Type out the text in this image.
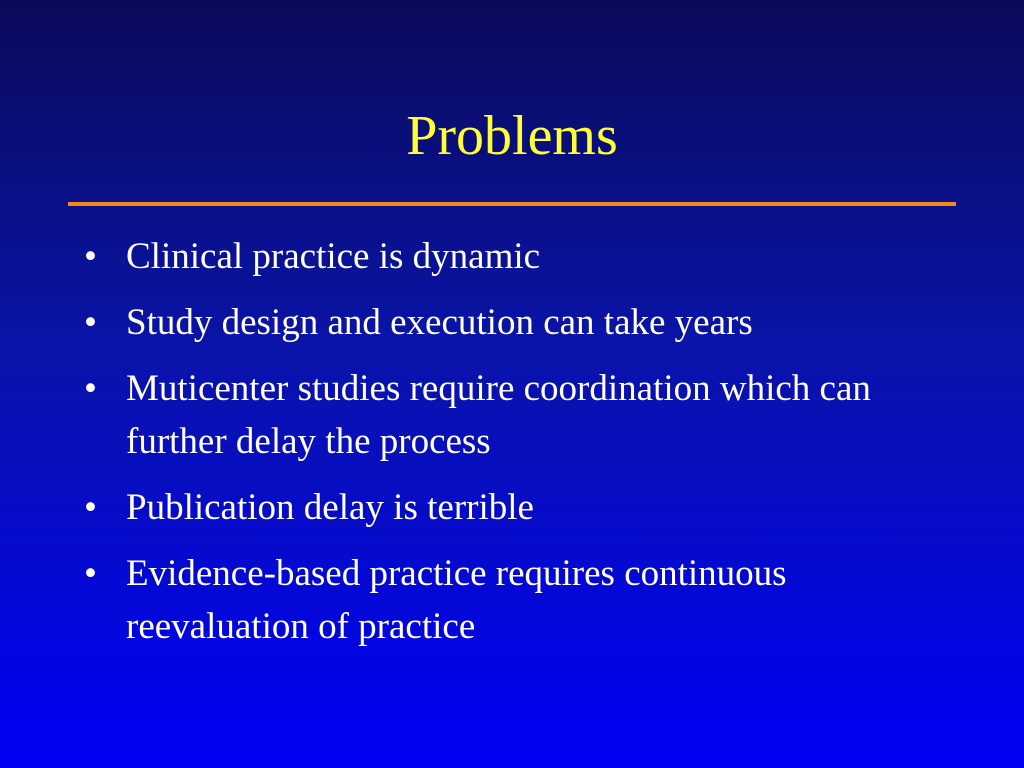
Problems
• Clinical practice is dynamic
• Study design and execution can take years
• Muticenter studies require coordination which can further delay the process
• Publication delay is terrible
• Evidence-based practice requires continuous reevaluation of practice
